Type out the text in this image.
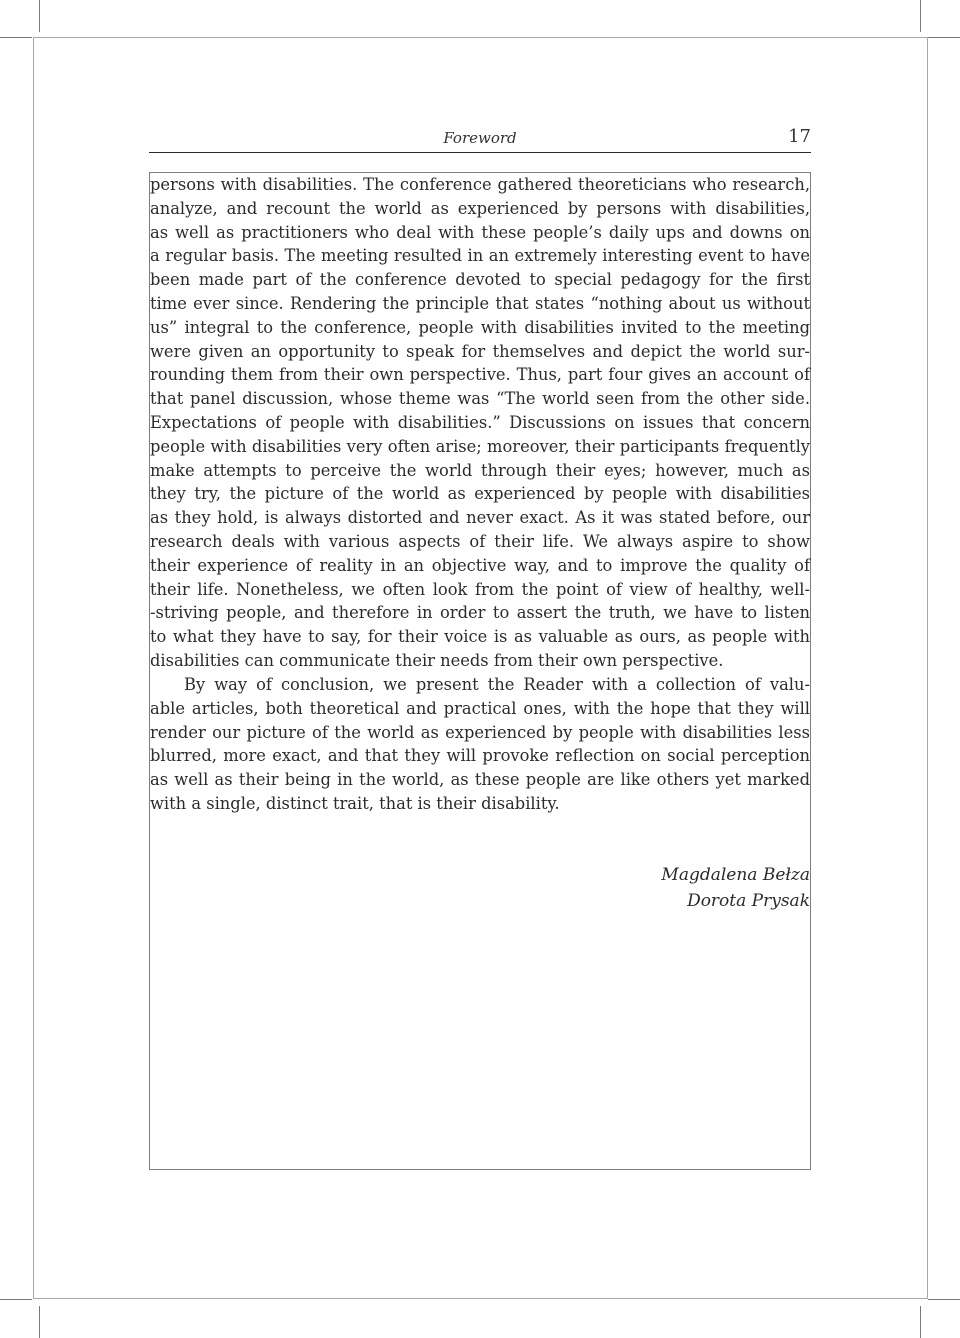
Foreword	17
persons with disabilities. The conference gathered theoreticians who research,
analyze, and recount the world as experienced by persons with disabilities,
as well as practitioners who deal with these people’s daily ups and downs on
a regular basis. The meeting resulted in an extremely interesting event to have
been made part of the conference devoted to special pedagogy for the first
time ever since. Rendering the principle that states “nothing about us without
us” integral to the conference, people with disabilities invited to the meeting
were given an opportunity to speak for themselves and depict the world sur-
rounding them from their own perspective. Thus, part four gives an account of
that panel discussion, whose theme was “The world seen from the other side.
Expectations of people with disabilities.” Discussions on issues that concern
people with disabilities very often arise; moreover, their participants frequently
make attempts to perceive the world through their eyes; however, much as
they try, the picture of the world as experienced by people with disabilities
as they hold, is always distorted and never exact. As it was stated before, our
research deals with various aspects of their life. We always aspire to show
their experience of reality in an objective way, and to improve the quality of
their life. Nonetheless, we often look from the point of view of healthy, well-
-striving people, and therefore in order to assert the truth, we have to listen
to what they have to say, for their voice is as valuable as ours, as people with
disabilities can communicate their needs from their own perspective.
By way of conclusion, we present the Reader with a collection of valu-
able articles, both theoretical and practical ones, with the hope that they will
render our picture of the world as experienced by people with disabilities less
blurred, more exact, and that they will provoke reflection on social perception
as well as their being in the world, as these people are like others yet marked
with a single, distinct trait, that is their disability.
Magdalena Bełza
Dorota Prysak
